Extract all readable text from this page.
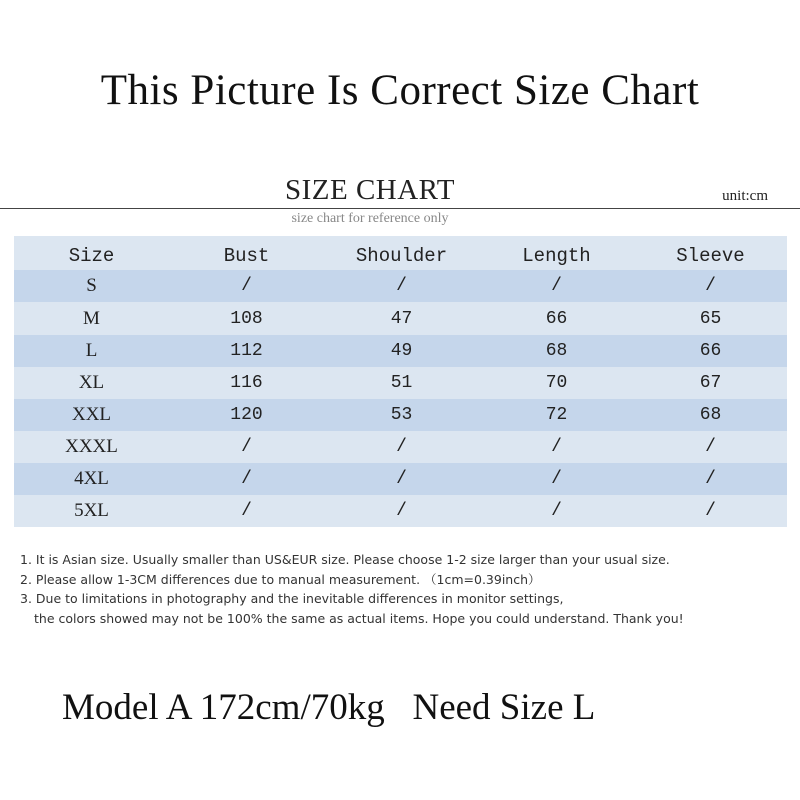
This Picture Is Correct Size Chart
SIZE CHART	unit:cm
size chart for reference only
Size	Bust	Shoulder	Length	Sleeve
S	/	/	/	/
M	108	47	66	65
L	112	49	68	66
XL	116	51	70	67
XXL	120	53	72	68
XXXL	/	/	/	/
4XL	/	/	/	/
5XL	/	/	/	/
1. It is Asian size. Usually smaller than US&EUR size. Please choose 1-2 size larger than your usual size.
2. Please allow 1-3CM differences due to manual measurement. （1cm=0.39inch）
3. Due to limitations in photography and the inevitable differences in monitor settings,
the colors showed may not be 100% the same as actual items. Hope you could understand. Thank you!
Model A 172cm/70kg   Need Size L
